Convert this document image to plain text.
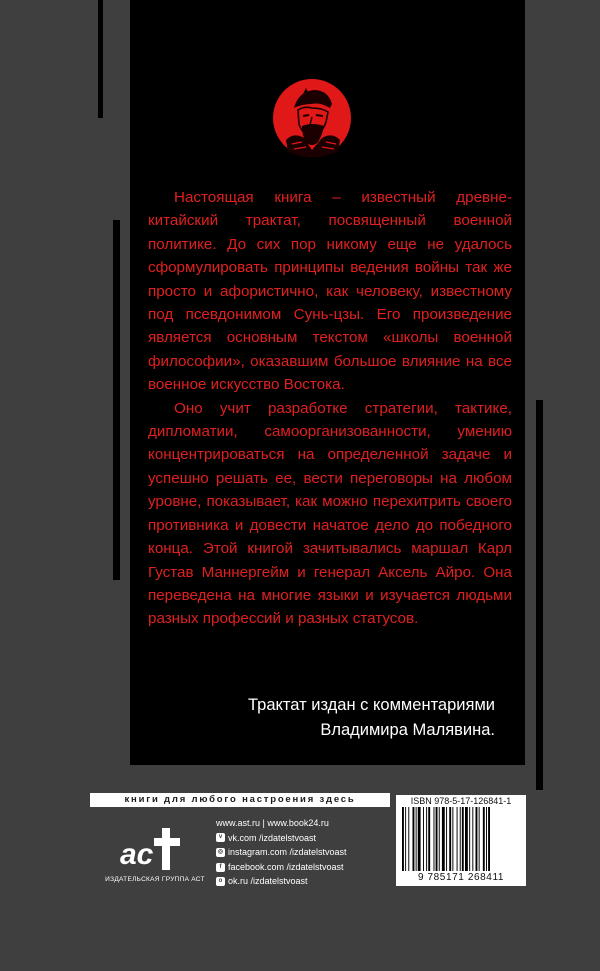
Настоящая книга – известный древне-китайский трактат, посвященный военной политике. До сих пор никому еще не удалось сформулировать принципы ведения войны так же просто и афористично, как человеку, известному под псевдонимом Сунь-цзы. Его произведение является основным текстом «школы военной философии», оказавшим большое влияние на все военное искусство Востока.

Оно учит разработке стратегии, тактике, дипломатии, самоорганизованности, умению концентрироваться на определенной задаче и успешно решать ее, вести переговоры на любом уровне, показывает, как можно перехитрить своего противника и довести начатое дело до победного конца. Этой книгой зачитывались маршал Карл Густав Маннергейм и генерал Аксель Айро. Она переведена на многие языки и изучается людьми разных профессий и разных статусов.

Трактат издан с комментариями
Владимира Малявина.
книги для любого настроения здесь
ac
ИЗДАТЕЛЬСКАЯ ГРУППА АСТ
www.ast.ru | www.book24.ru
v vk.com /izdatelstvoast
◎ instagram.com /izdatelstvoast
f facebook.com /izdatelstvoast
o ok.ru /izdatelstvoast
ISBN 978-5-17-126841-1
9 785171 268411
